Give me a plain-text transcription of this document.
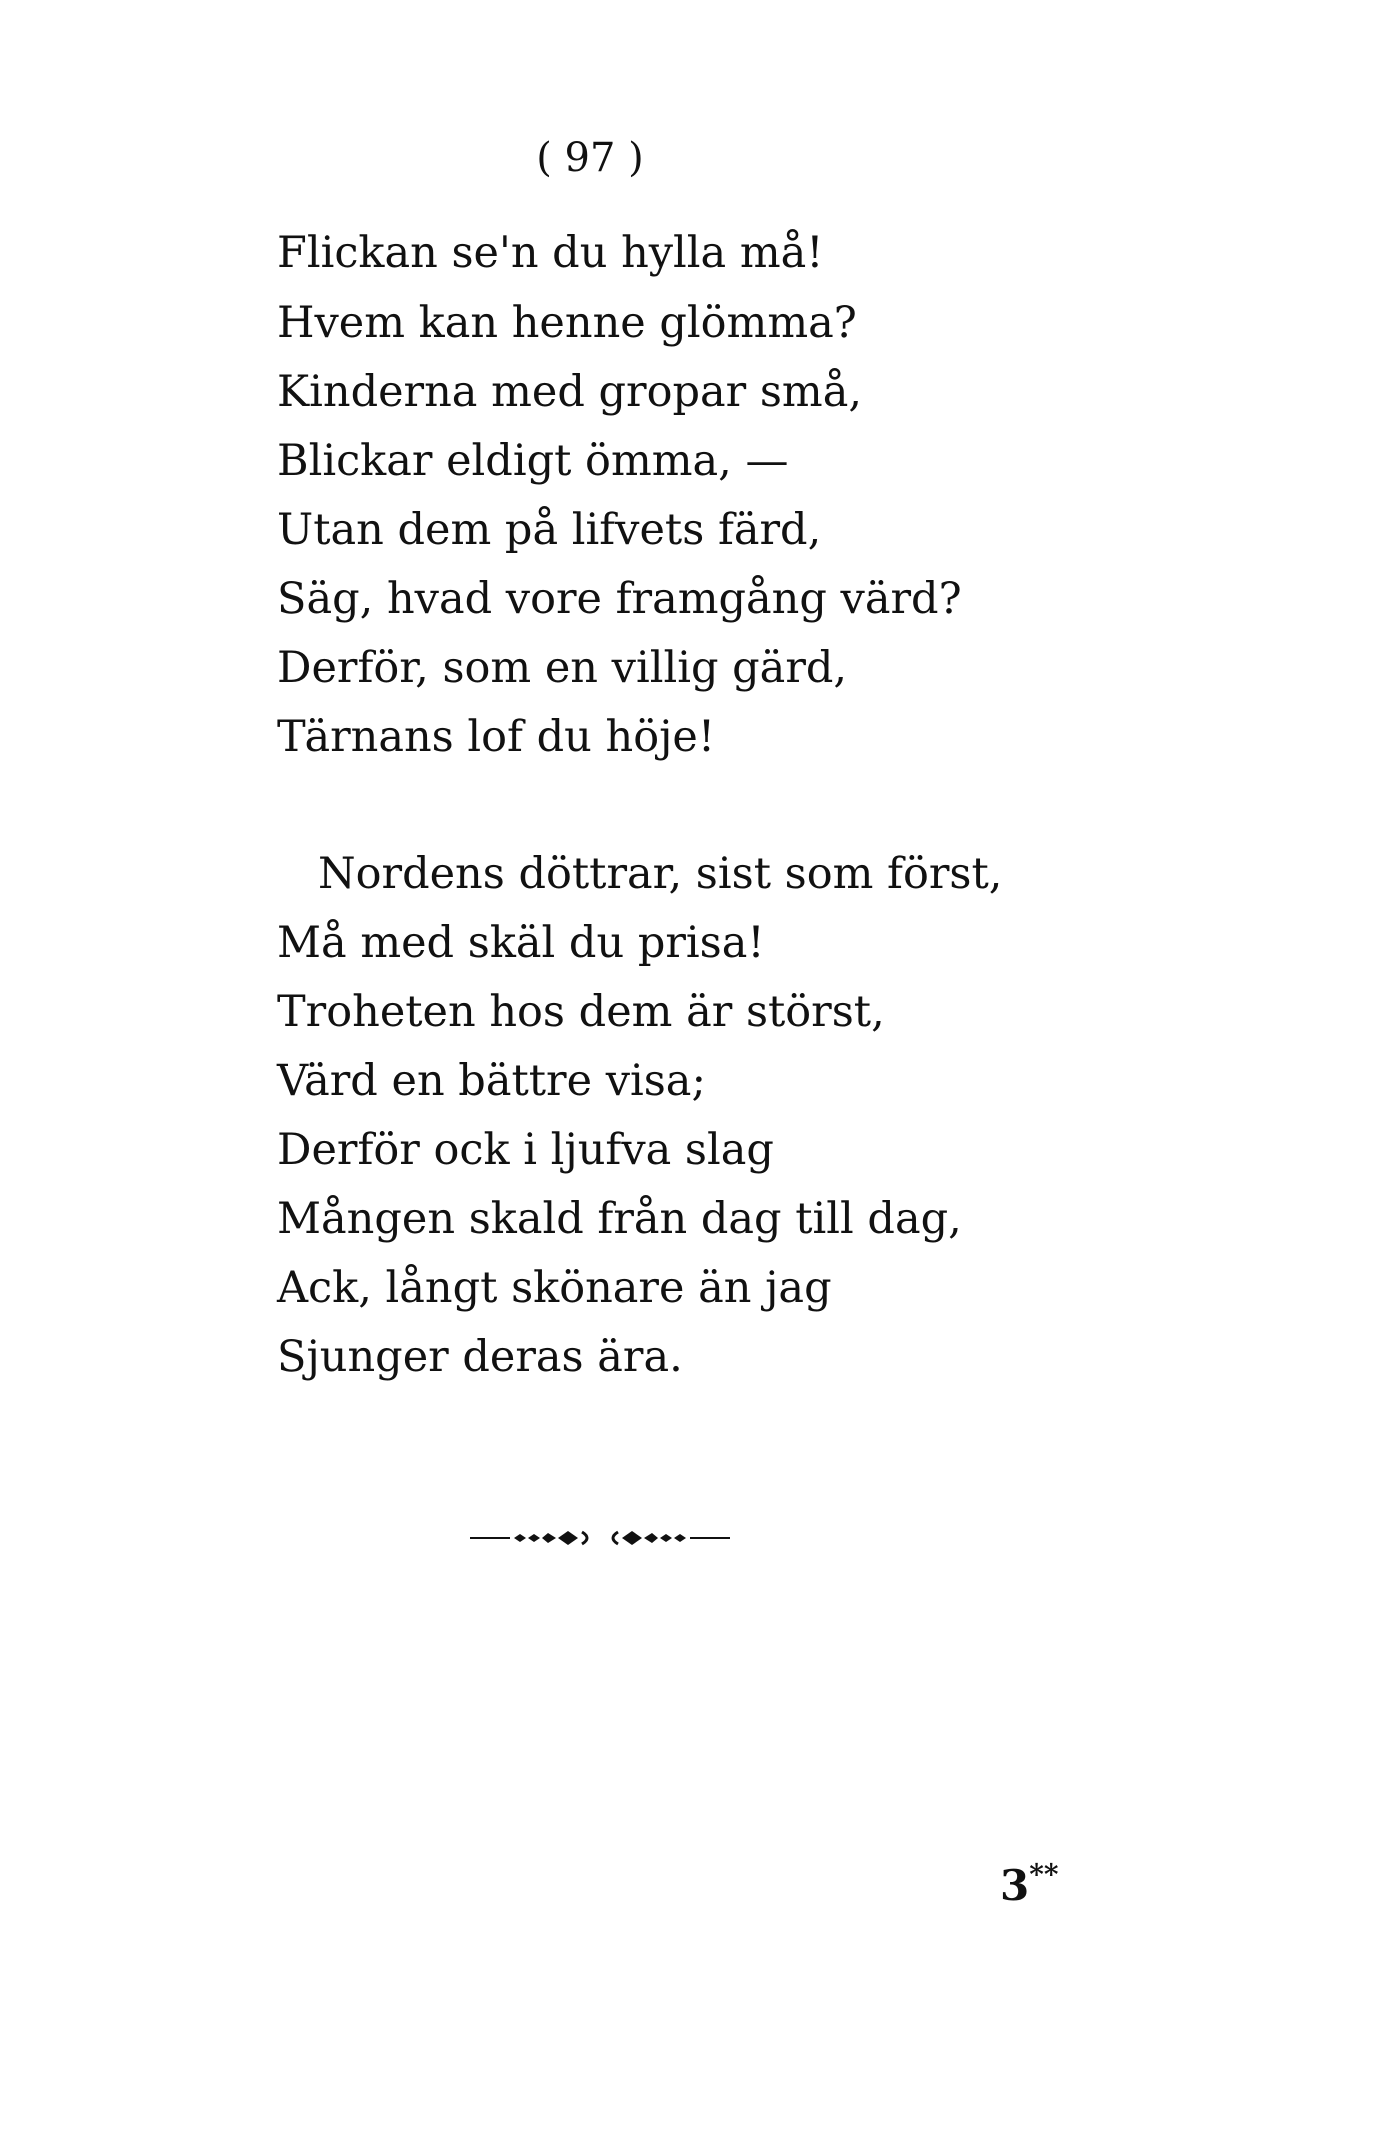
( 97 )
Flickan se'n du hylla må!
Hvem kan henne glömma?
Kinderna med gropar små,
Blickar eldigt ömma, —
Utan dem på lifvets färd,
Säg, hvad vore framgång värd?
Derför, som en villig gärd,
Tärnans lof du höje!
Nordens döttrar, sist som först,
Må med skäl du prisa!
Troheten hos dem är störst,
Värd en bättre visa;
Derför ock i ljufva slag
Mången skald från dag till dag,
Ack, långt skönare än jag
Sjunger deras ära.
3**
